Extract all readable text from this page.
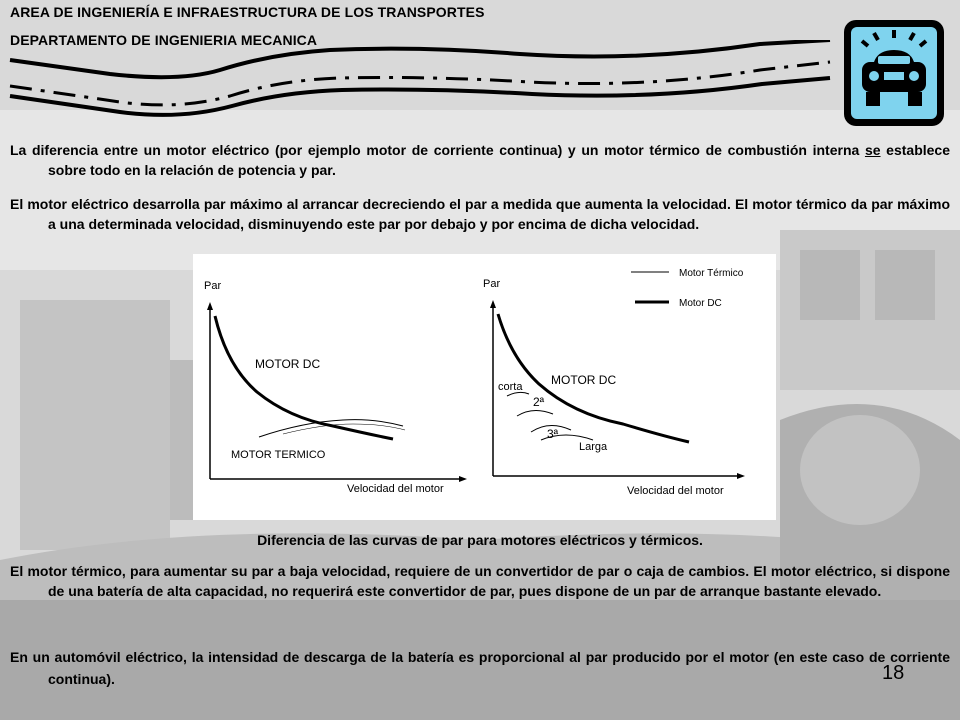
AREA DE INGENIERÍA E INFRAESTRUCTURA DE LOS TRANSPORTES
DEPARTAMENTO DE INGENIERIA MECANICA
La diferencia entre un motor eléctrico (por ejemplo motor de corriente continua) y un motor térmico de combustión interna se establece sobre todo en la relación de potencia y par.
El motor eléctrico desarrolla par máximo al arrancar decreciendo el par a medida que aumenta la velocidad. El motor térmico da par máximo a una determinada velocidad, disminuyendo este par por debajo y por encima de dicha velocidad.
Par
Velocidad del motor
MOTOR DC
MOTOR TERMICO
Par
Velocidad del motor
MOTOR DC
corta
2ª
3ª
Larga
Motor Térmico
Motor DC
Diferencia de las curvas de par para motores eléctricos y térmicos.
El motor térmico, para aumentar su par a baja velocidad, requiere de un convertidor de par o caja de cambios. El motor eléctrico, si dispone de una batería de alta capacidad, no requerirá este convertidor de par, pues dispone de un par de arranque bastante elevado.
En un automóvil eléctrico, la intensidad de descarga de la batería es proporcional al par producido por el motor (en este caso de corriente continua).	18
